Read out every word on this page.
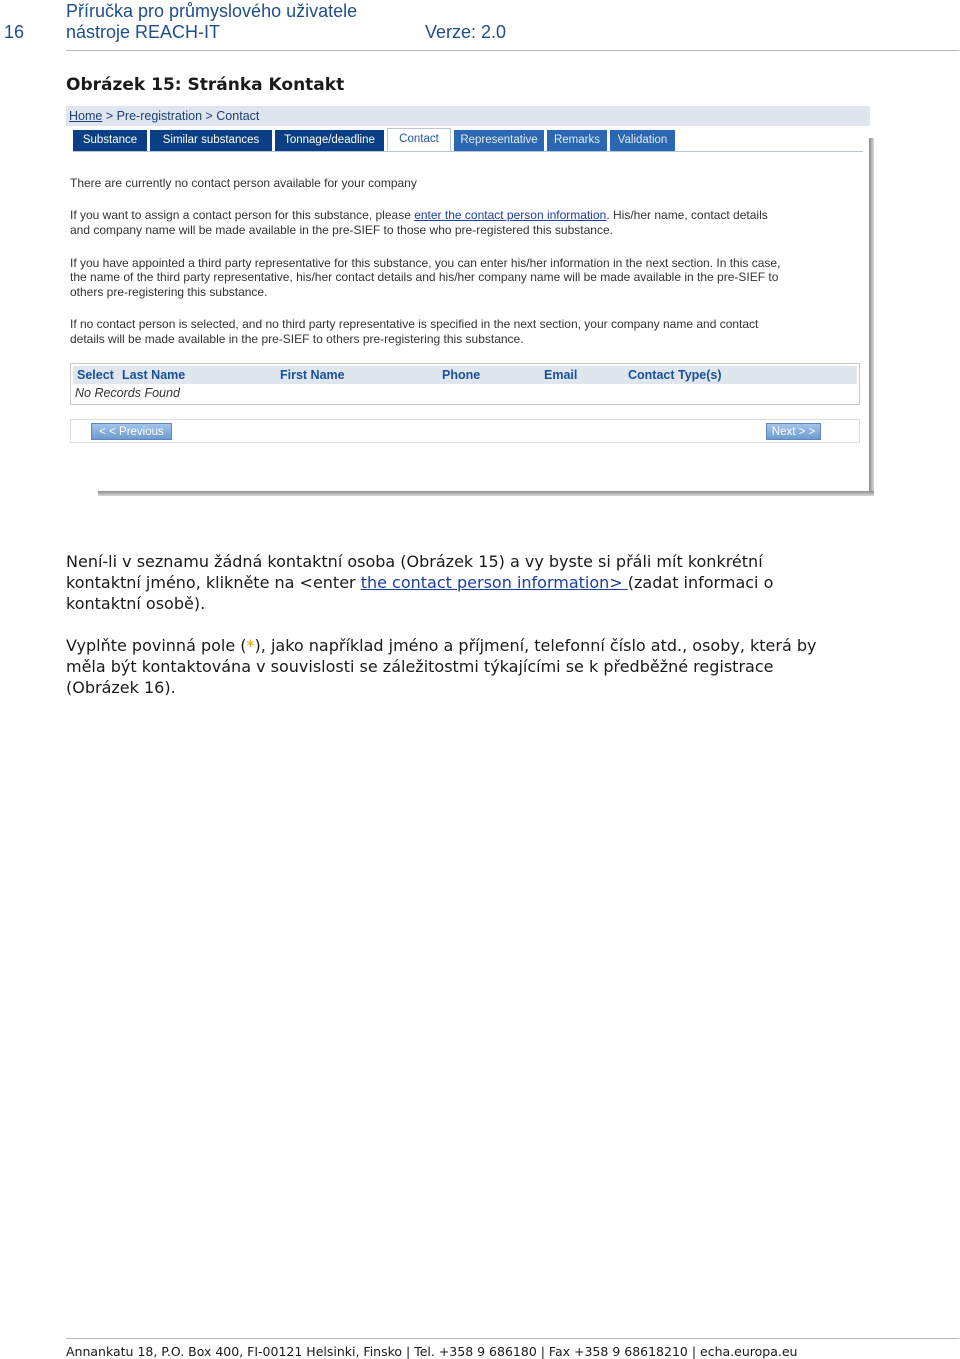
16
Příručka pro průmyslového uživatele
nástroje REACH-IT	Verze: 2.0
Obrázek 15: Stránka Kontakt
Home > Pre-registration > Contact
Substance	Similar substances	Tonnage/deadline	Contact	Representative	Remarks	Validation
There are currently no contact person available for your company
If you want to assign a contact person for this substance, please enter the contact person information. His/her name, contact details
and company name will be made available in the pre-SIEF to those who pre-registered this substance.
If you have appointed a third party representative for this substance, you can enter his/her information in the next section. In this case,
the name of the third party representative, his/her contact details and his/her company name will be made available in the pre-SIEF to
others pre-registering this substance.
If no contact person is selected, and no third party representative is specified in the next section, your company name and contact
details will be made available in the pre-SIEF to others pre-registering this substance.
Select Last Name	First Name	Phone	Email	Contact Type(s)
No Records Found
< < Previous	Next > >
Není-li v seznamu žádná kontaktní osoba (Obrázek 15) a vy byste si přáli mít konkrétní
kontaktní jméno, klikněte na <enter the contact person information> (zadat informaci o
kontaktní osobě).
Vyplňte povinná pole (*), jako například jméno a příjmení, telefonní číslo atd., osoby, která by
měla být kontaktována v souvislosti se záležitostmi týkajícími se k předběžné registrace
(Obrázek 16).
Annankatu 18, P.O. Box 400, FI-00121 Helsinki, Finsko | Tel. +358 9 686180 | Fax +358 9 68618210 | echa.europa.eu
